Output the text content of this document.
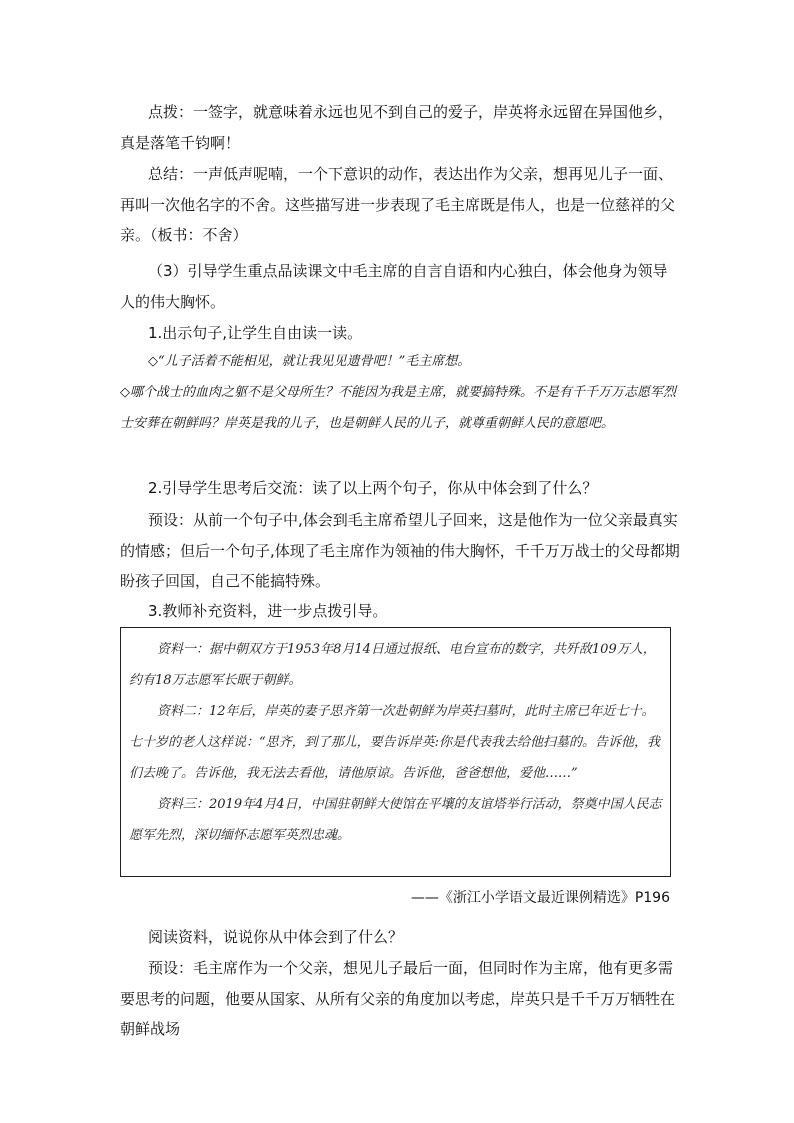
点拨：一签字，就意味着永远也见不到自己的爱子，岸英将永远留在异国他乡，真是落笔千钧啊！

总结：一声低声呢喃，一个下意识的动作，表达出作为父亲，想再见儿子一面、再叫一次他名字的不舍。这些描写进一步表现了毛主席既是伟人，也是一位慈祥的父亲。（板书：不舍）

（3）引导学生重点品读课文中毛主席的自言自语和内心独白，体会他身为领导人的伟大胸怀。

1.出示句子,让学生自由读一读。

◇“儿子活着不能相见，就让我见见遗骨吧！”毛主席想。

◇哪个战士的血肉之躯不是父母所生？不能因为我是主席，就要搞特殊。不是有千千万万志愿军烈士安葬在朝鲜吗？岸英是我的儿子，也是朝鲜人民的儿子，就尊重朝鲜人民的意愿吧。

2.引导学生思考后交流：读了以上两个句子，你从中体会到了什么？

预设：从前一个句子中,体会到毛主席希望儿子回来，这是他作为一位父亲最真实的情感；但后一个句子,体现了毛主席作为领袖的伟大胸怀，千千万万战士的父母都期盼孩子回国，自己不能搞特殊。

3.教师补充资料，进一步点拨引导。

资料一：据中朝双方于1953年8月14日通过报纸、电台宣布的数字，共歼敌109万人，约有18万志愿军长眠于朝鲜。

资料二：12年后，岸英的妻子思齐第一次赴朝鲜为岸英扫墓时，此时主席已年近七十。七十岁的老人这样说：“思齐，到了那儿，要告诉岸英:你是代表我去给他扫墓的。告诉他，我们去晚了。告诉他，我无法去看他，请他原谅。告诉他，爸爸想他，爱他……”

资料三：2019年4月4日，中国驻朝鲜大使馆在平壤的友谊塔举行活动，祭奠中国人民志愿军先烈，深切缅怀志愿军英烈忠魂。

——《浙江小学语文最近课例精选》P196

阅读资料，说说你从中体会到了什么？

预设：毛主席作为一个父亲，想见儿子最后一面，但同时作为主席，他有更多需要思考的问题，他要从国家、从所有父亲的角度加以考虑，岸英只是千千万万牺牲在朝鲜战场
